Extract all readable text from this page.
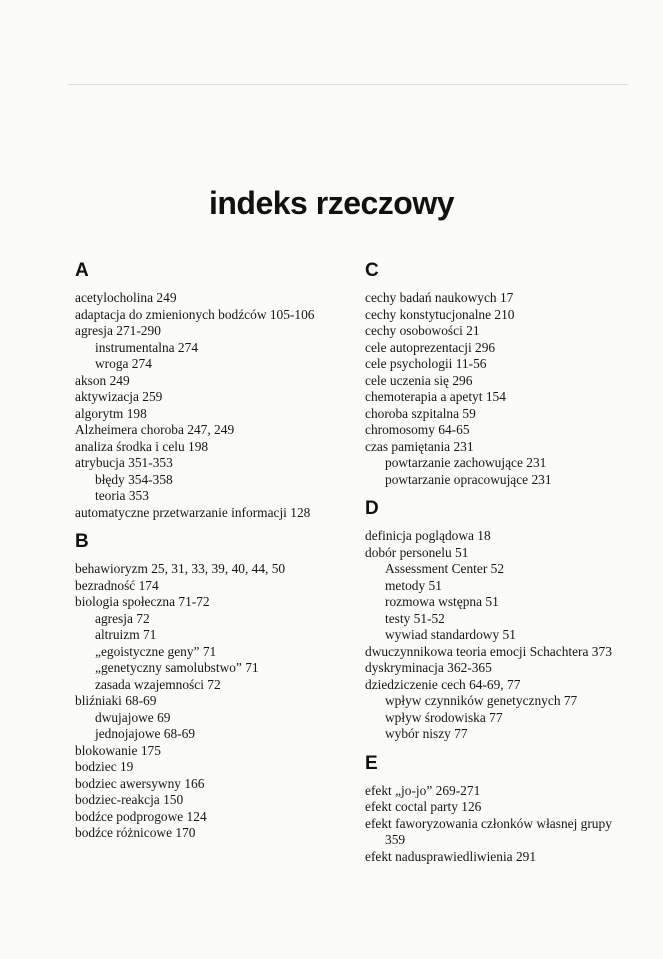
indeks rzeczowy
A
acetylocholina 249
adaptacja do zmienionych bodźców 105-106
agresja 271-290
instrumentalna 274
wroga 274
akson 249
aktywizacja 259
algorytm 198
Alzheimera choroba 247, 249
analiza środka i celu 198
atrybucja 351-353
błędy 354-358
teoria 353
automatyczne przetwarzanie informacji 128
B
behawioryzm 25, 31, 33, 39, 40, 44, 50
bezradność 174
biologia społeczna 71-72
agresja 72
altruizm 71
„egoistyczne geny” 71
„genetyczny samolubstwo” 71
zasada wzajemności 72
bliźniaki 68-69
dwujajowe 69
jednojajowe 68-69
blokowanie 175
bodziec 19
bodziec awersywny 166
bodziec-reakcja 150
bodźce podprogowe 124
bodźce różnicowe 170
C
cechy badań naukowych 17
cechy konstytucjonalne 210
cechy osobowości 21
cele autoprezentacji 296
cele psychologii 11-56
cele uczenia się 296
chemoterapia a apetyt 154
choroba szpitalna 59
chromosomy 64-65
czas pamiętania 231
powtarzanie zachowujące 231
powtarzanie opracowujące 231
D
definicja poglądowa 18
dobór personelu 51
Assessment Center 52
metody 51
rozmowa wstępna 51
testy 51-52
wywiad standardowy 51
dwuczynnikowa teoria emocji Schachtera 373
dyskryminacja 362-365
dziedziczenie cech 64-69, 77
wpływ czynników genetycznych 77
wpływ środowiska 77
wybór niszy 77
E
efekt „jo-jo” 269-271
efekt coctal party 126
efekt faworyzowania członków własnej grupy 359
efekt nadusprawiedliwienia 291
